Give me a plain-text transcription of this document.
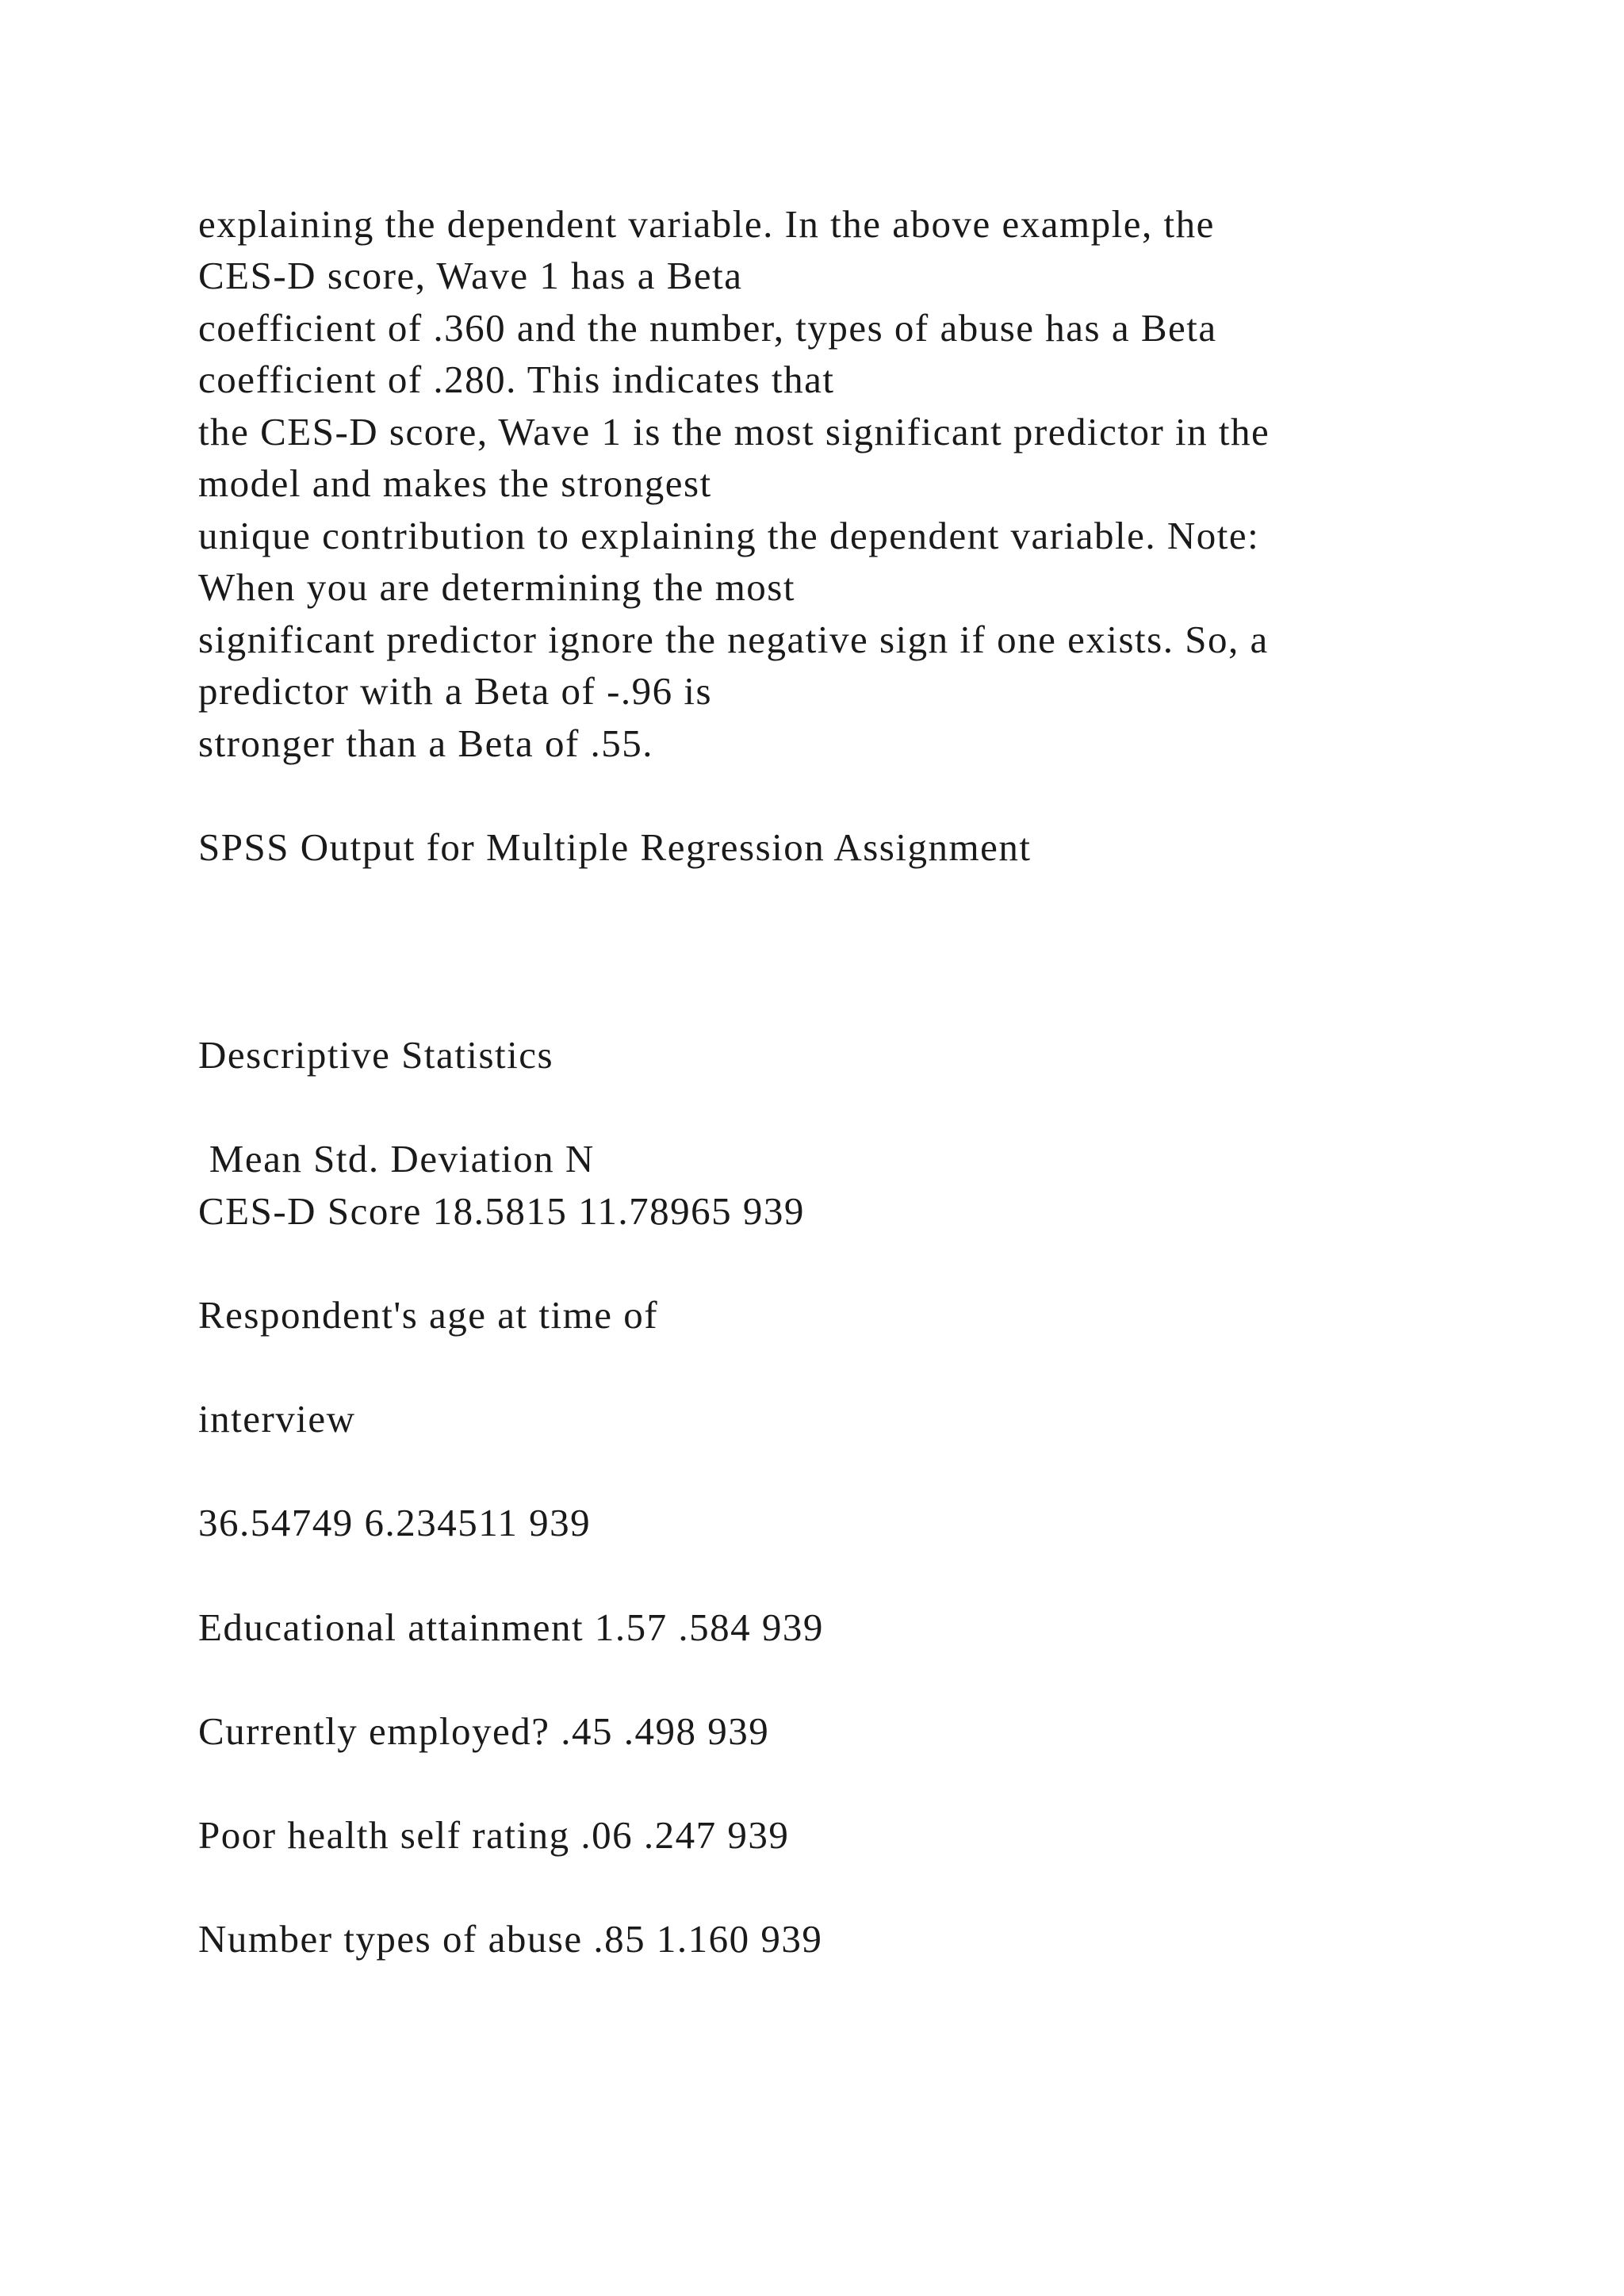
explaining the dependent variable. In the above example, the

CES-D score, Wave 1 has a Beta

coefficient of .360 and the number, types of abuse has a Beta

coefficient of .280. This indicates that

the CES-D score, Wave 1 is the most significant predictor in the

model and makes the strongest

unique contribution to explaining the dependent variable. Note:

When you are determining the most

significant predictor ignore the negative sign if one exists. So, a

predictor with a Beta of -.96 is

stronger than a Beta of .55.

SPSS Output for Multiple Regression Assignment

Descriptive Statistics

Mean Std. Deviation N

CES-D Score 18.5815 11.78965 939

Respondent's age at time of

interview

36.54749 6.234511 939

Educational attainment 1.57 .584 939

Currently employed? .45 .498 939

Poor health self rating .06 .247 939

Number types of abuse .85 1.160 939
